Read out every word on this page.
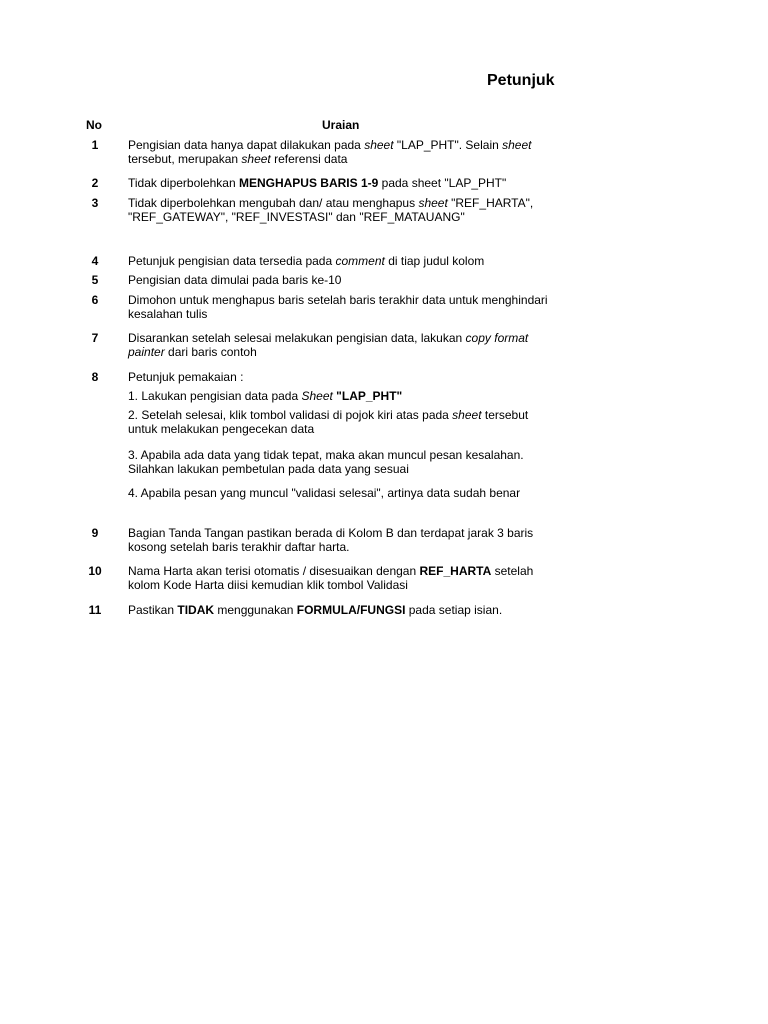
Petunjuk
No	Uraian
1	Pengisian data hanya dapat dilakukan pada sheet "LAP_PHT". Selain sheet tersebut, merupakan sheet referensi data
2	Tidak diperbolehkan MENGHAPUS BARIS 1-9 pada sheet "LAP_PHT"
3	Tidak diperbolehkan mengubah dan/ atau menghapus sheet "REF_HARTA", "REF_GATEWAY", "REF_INVESTASI" dan "REF_MATAUANG"
4	Petunjuk pengisian data tersedia pada comment di tiap judul kolom
5	Pengisian data dimulai pada baris ke-10
6	Dimohon untuk menghapus baris setelah baris terakhir data untuk menghindari kesalahan tulis
7	Disarankan setelah selesai melakukan pengisian data, lakukan copy format painter dari baris contoh
8	Petunjuk pemakaian :
1. Lakukan pengisian data pada Sheet "LAP_PHT"
2. Setelah selesai, klik tombol validasi di pojok kiri atas pada sheet tersebut untuk melakukan pengecekan data
3. Apabila ada data yang tidak tepat, maka akan muncul pesan kesalahan. Silahkan lakukan pembetulan pada data yang sesuai
4. Apabila pesan yang muncul "validasi selesai", artinya data sudah benar
9	Bagian Tanda Tangan pastikan berada di Kolom B dan terdapat jarak 3 baris kosong setelah baris terakhir daftar harta.
10	Nama Harta akan terisi otomatis / disesuaikan dengan REF_HARTA setelah kolom Kode Harta diisi kemudian klik tombol Validasi
11	Pastikan TIDAK menggunakan FORMULA/FUNGSI pada setiap isian.
